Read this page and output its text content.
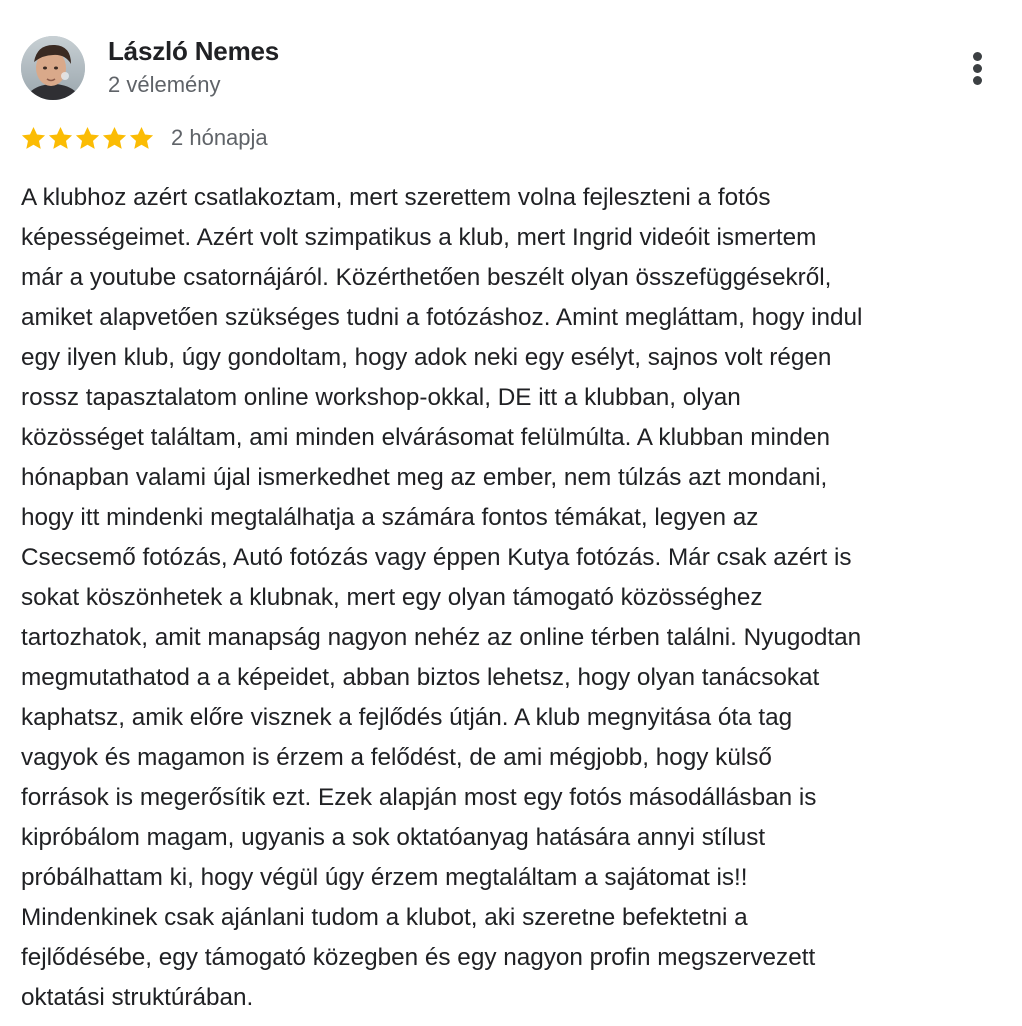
László Nemes
2 vélemény
2 hónapja

A klubhoz azért csatlakoztam, mert szerettem volna fejleszteni a fotós
képességeimet. Azért volt szimpatikus a klub, mert Ingrid videóit ismertem
már a youtube csatornájáról. Közérthetően beszélt olyan összefüggésekről,
amiket alapvetően szükséges tudni a fotózáshoz. Amint megláttam, hogy indul
egy ilyen klub, úgy gondoltam, hogy adok neki egy esélyt, sajnos volt régen
rossz tapasztalatom online workshop-okkal, DE itt a klubban, olyan
közösséget találtam, ami minden elvárásomat felülmúlta. A klubban minden
hónapban valami újal ismerkedhet meg az ember, nem túlzás azt mondani,
hogy itt mindenki megtalálhatja a számára fontos témákat, legyen az
Csecsemő fotózás, Autó fotózás vagy éppen Kutya fotózás. Már csak azért is
sokat köszönhetek a klubnak, mert egy olyan támogató közösséghez
tartozhatok, amit manapság nagyon nehéz az online térben találni. Nyugodtan
megmutathatod a a képeidet, abban biztos lehetsz, hogy olyan tanácsokat
kaphatsz, amik előre visznek a fejlődés útján. A klub megnyitása óta tag
vagyok és magamon is érzem a felődést, de ami mégjobb, hogy külső
források is megerősítik ezt. Ezek alapján most egy fotós másodállásban is
kipróbálom magam, ugyanis a sok oktatóanyag hatására annyi stílust
próbálhattam ki, hogy végül úgy érzem megtaláltam a sajátomat is!!
Mindenkinek csak ajánlani tudom a klubot, aki szeretne befektetni a
fejlődésébe, egy támogató közegben és egy nagyon profin megszervezett
oktatási struktúrában.
